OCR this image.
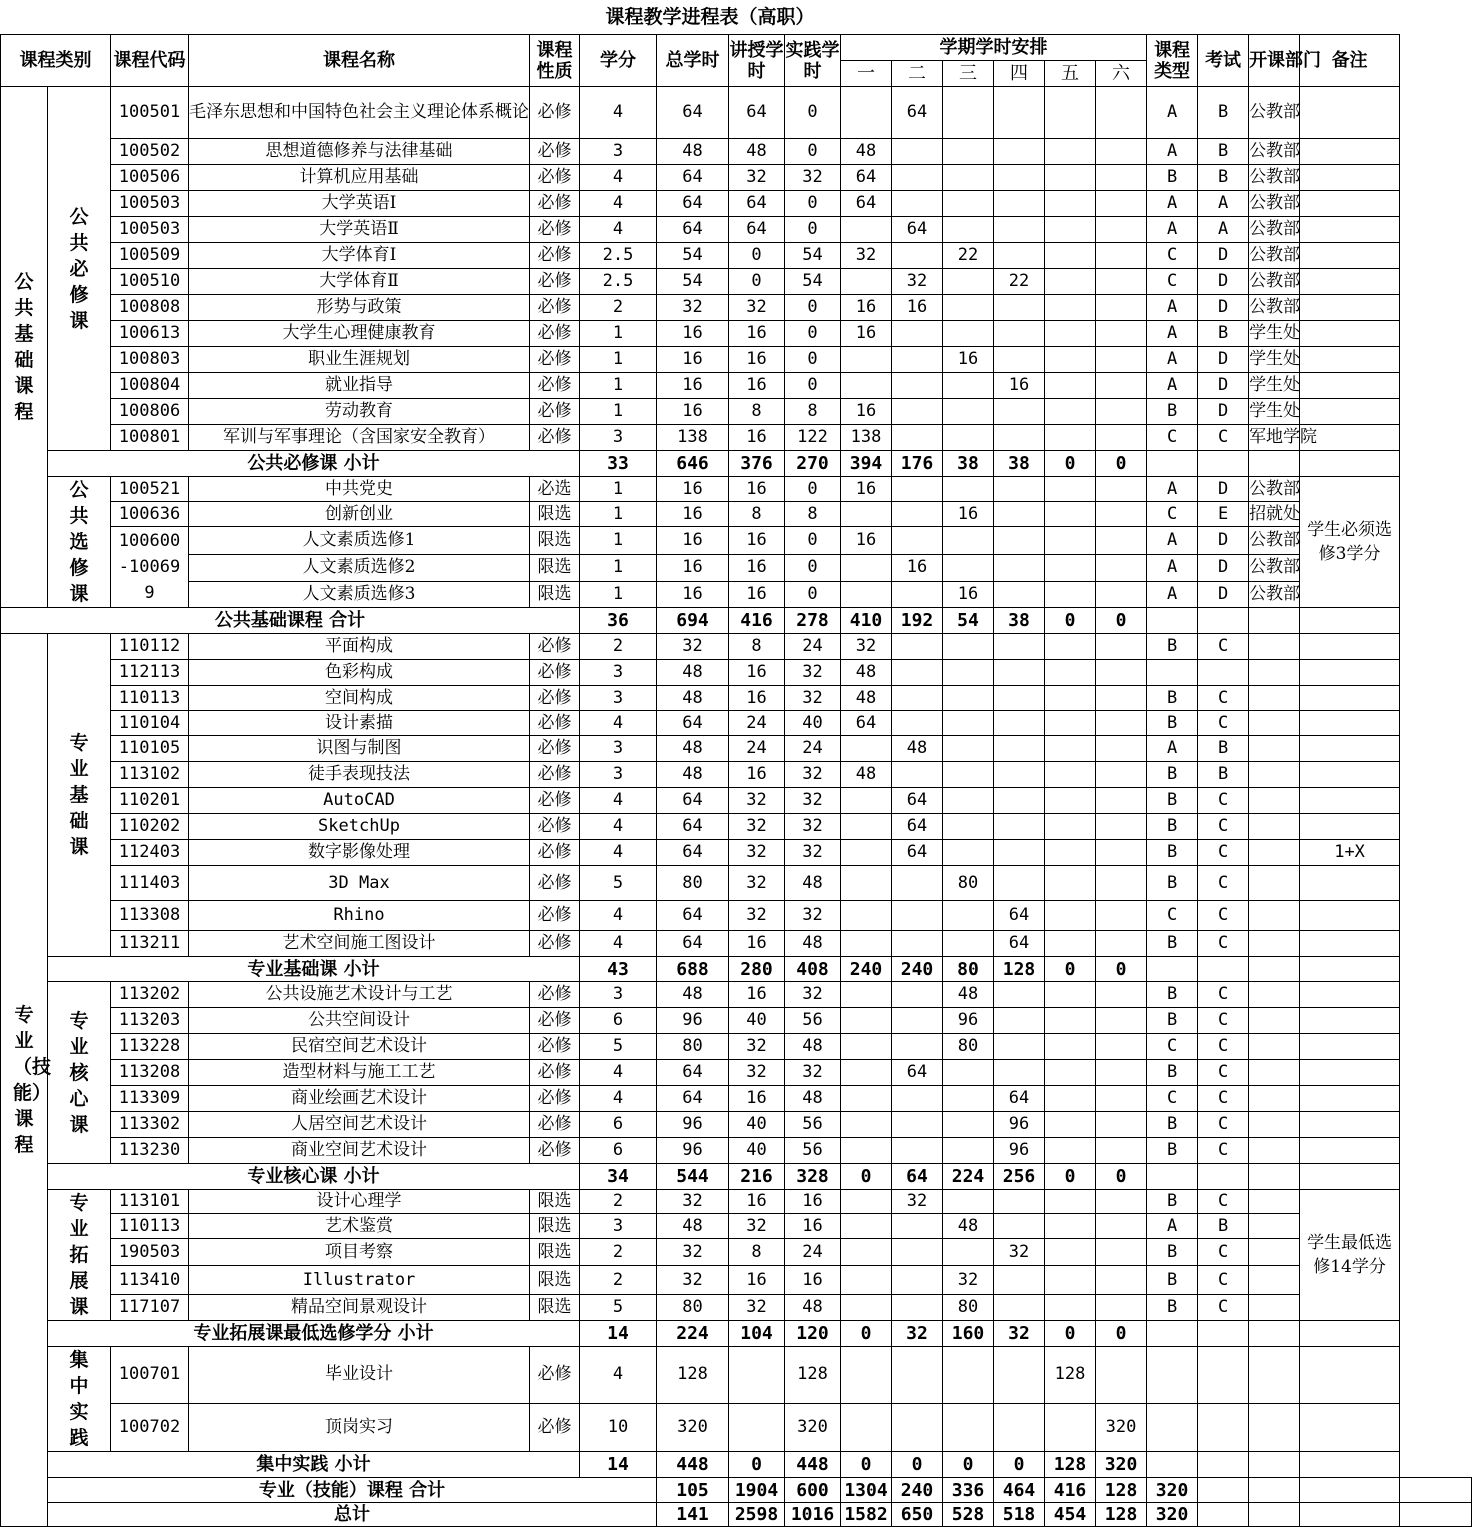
课程教学进程表（高职）
课程类别		课程代码	课程名称	课程性质	学分	总学时	讲授学时	实践学时	学期学时安排						课程类型	考试	开课部门	备注	
									一	二	三	四	五	六					
公共基础课程	公共必修课	100501	毛泽东思想和中国特色社会主义理论体系概论	必修	4	64	64	0		64					A	B	公教部		
		100502	思想道德修养与法律基础	必修	3	48	48	0	48						A	B	公教部		
		100506	计算机应用基础	必修	4	64	32	32	64						B	B	公教部		
		100503	大学英语Ⅰ	必修	4	64	64	0	64						A	A	公教部		
		100503	大学英语Ⅱ	必修	4	64	64	0		64					A	A	公教部		
		100509	大学体育Ⅰ	必修	2.5	54	0	54	32		22				C	D	公教部		
		100510	大学体育Ⅱ	必修	2.5	54	0	54		32		22			C	D	公教部		
		100808	形势与政策	必修	2	32	32	0	16	16					A	D	公教部		
		100613	大学生心理健康教育	必修	1	16	16	0	16						A	B	学生处		
		100803	职业生涯规划	必修	1	16	16	0			16				A	D	学生处		
		100804	就业指导	必修	1	16	16	0				16			A	D	学生处		
		100806	劳动教育	必修	1	16	8	8	16						B	D	学生处		
		100801	军训与军事理论（含国家安全教育）	必修	3	138	16	122	138						C	C	军地学院		
	公共必修课 小计				33	646	376	270	394	176	38	38	0	0					
	公共选修课	100521	中共党史	必选	1	16	16	0	16						A	D	公教部	学生必须选修3学分	
		100636	创新创业	限选	1	16	8	8			16				C	E	招就处		
		100600-100699	人文素质选修1	限选	1	16	16	0	16						A	D	公教部		
			人文素质选修2	限选	1	16	16	0		16					A	D	公教部		
			人文素质选修3	限选	1	16	16	0			16				A	D	公教部		
公共基础课程 合计					36	694	416	278	410	192	54	38	0	0					
专业（技能）课程	专业基础课	110112	平面构成	必修	2	32	8	24	32						B	C			
		112113	色彩构成	必修	3	48	16	32	48										
		110113	空间构成	必修	3	48	16	32	48						B	C			
		110104	设计素描	必修	4	64	24	40	64						B	C			
		110105	识图与制图	必修	3	48	24	24		48					A	B			
		113102	徒手表现技法	必修	3	48	16	32	48						B	B			
		110201	AutoCAD	必修	4	64	32	32		64					B	C			
		110202	SketchUp	必修	4	64	32	32		64					B	C			
		112403	数字影像处理	必修	4	64	32	32		64					B	C		1+X	
		111403	3D Max	必修	5	80	32	48			80				B	C			
		113308	Rhino	必修	4	64	32	32				64			C	C			
		113211	艺术空间施工图设计	必修	4	64	16	48				64			B	C			
	专业基础课 小计				43	688	280	408	240	240	80	128	0	0					
	专业核心课	113202	公共设施艺术设计与工艺	必修	3	48	16	32			48				B	C			
		113203	公共空间设计	必修	6	96	40	56			96				B	C			
		113228	民宿空间艺术设计	必修	5	80	32	48			80				C	C			
		113208	造型材料与施工工艺	必修	4	64	32	32		64					B	C			
		113309	商业绘画艺术设计	必修	4	64	16	48				64			C	C			
		113302	人居空间艺术设计	必修	6	96	40	56				96			B	C			
		113230	商业空间艺术设计	必修	6	96	40	56				96			B	C			
	专业核心课 小计				34	544	216	328	0	64	224	256	0	0					
	专业拓展课	113101	设计心理学	限选	2	32	16	16		32					B	C		学生最低选修14学分	
		110113	艺术鉴赏	限选	3	48	32	16			48				A	B			
		190503	项目考察	限选	2	32	8	24				32			B	C			
		113410	Illustrator	限选	2	32	16	16			32				B	C			
		117107	精品空间景观设计	限选	5	80	32	48			80				B	C			
	专业拓展课最低选修学分 小计				14	224	104	120	0	32	160	32	0	0					
	集中实践	100701	毕业设计	必修	4	128		128					128						
		100702	顶岗实习	必修	10	320		320						320					
	集中实践 小计				14	448	0	448	0	0	0	0	128	320					
	专业（技能）课程 合计					105	1904	600	1304	240	336	464	416	128	320				
	总计					141	2598	1016	1582	650	528	518	454	128	320				
